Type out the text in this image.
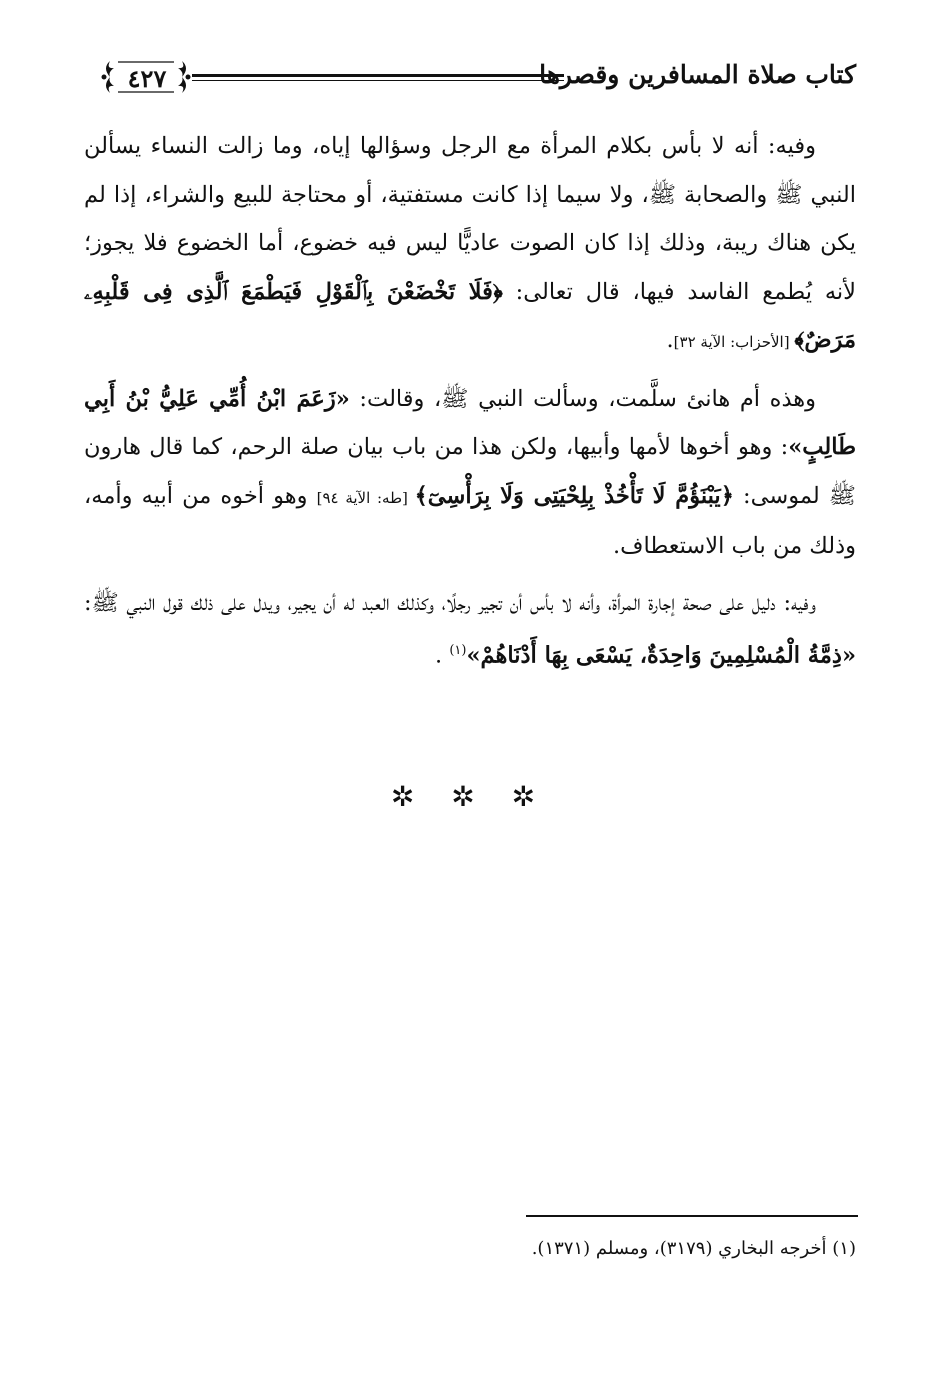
كتاب صلاة المسافرين وقصرها
٤٢٧

وفيه: أنه لا بأس بكلام المرأة مع الرجل وسؤالها إياه، وما زالت النساء يسألن النبي ﷺ والصحابة ﷺ، ولا سيما إذا كانت مستفتية، أو محتاجة للبيع والشراء، إذا لم يكن هناك ريبة، وذلك إذا كان الصوت عاديًّا ليس فيه خضوع، أما الخضوع فلا يجوز؛ لأنه يُطمع الفاسد فيها، قال تعالى: ﴿فَلَا تَخْضَعْنَ بِٱلْقَوْلِ فَيَطْمَعَ ٱلَّذِى فِى قَلْبِهِۦ مَرَضٌ﴾ [الأحزاب: الآية ٣٢].

وهذه أم هانئ سلَّمت، وسألت النبي ﷺ، وقالت: «زَعَمَ ابْنُ أُمِّي عَلِيُّ بْنُ أَبِي طَالِبٍ»: وهو أخوها لأمها وأبيها، ولكن هذا من باب بيان صلة الرحم، كما قال هارون ﷺ لموسى: ﴿يَبْنَؤُمَّ لَا تَأْخُذْ بِلِحْيَتِى وَلَا بِرَأْسِىٓ﴾ [طه: الآية ٩٤] وهو أخوه من أبيه وأمه، وذلك من باب الاستعطاف.

وفيه: دليل على صحة إجارة المرأة، وأنه لا بأس أن تجير رجلًا، وكذلك العبد له أن يجير، ويدل على ذلك قول النبي ﷺ: «ذِمَّةُ الْمُسْلِمِينَ وَاحِدَةٌ، يَسْعَى بِهَا أَدْنَاهُمْ»$^{(١)}$ .

✲ ✲ ✲
(١) أخرجه البخاري (٣١٧٩)، ومسلم (١٣٧١).
